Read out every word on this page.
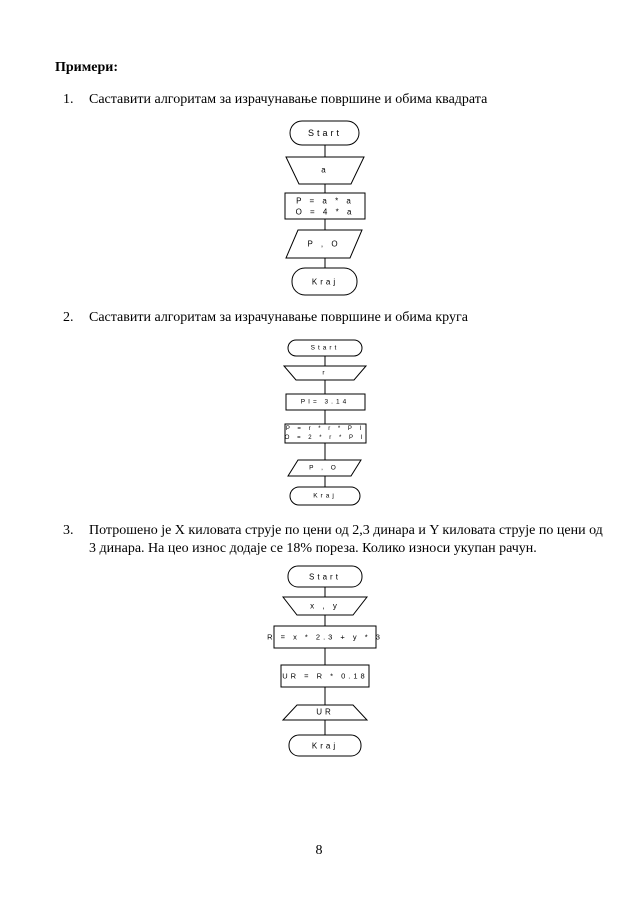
Примери:
1. Саставити алгоритам за израчунавање површине и обима квадрата
2. Саставити алгоритам за израчунавање површине и обима круга
3. Потрошено је X киловата струје по цени од 2,3 динара и Y киловата струје по цени од 3 динара. На цео износ додаје се 18% пореза. Колико износи укупан рачун.
Start
a
P = a * a
O = 4 * a
P , O
Kraj
Start
r
PI= 3.14
P = r * r * P I
O = 2 * r * P I
P , O
Kraj
Start
x , y
R = x * 2.3 + y * 3
UR = R * 0.18
UR
Kraj
8
